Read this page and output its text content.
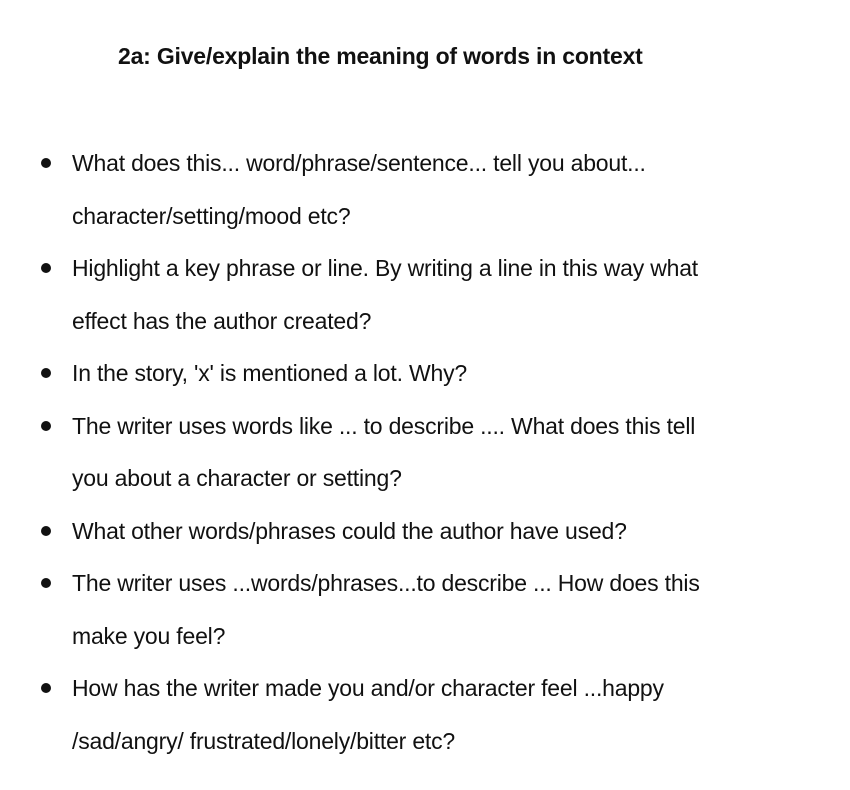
2a: Give/explain the meaning of words in context
What does this... word/phrase/sentence... tell you about...
character/setting/mood etc?
Highlight a key phrase or line. By writing a line in this way what
effect has the author created?
In the story, 'x' is mentioned a lot. Why?
The writer uses words like ... to describe .... What does this tell
you about a character or setting?
What other words/phrases could the author have used?
The writer uses ...words/phrases...to describe ... How does this
make you feel?
How has the writer made you and/or character feel ...happy
/sad/angry/ frustrated/lonely/bitter etc?
